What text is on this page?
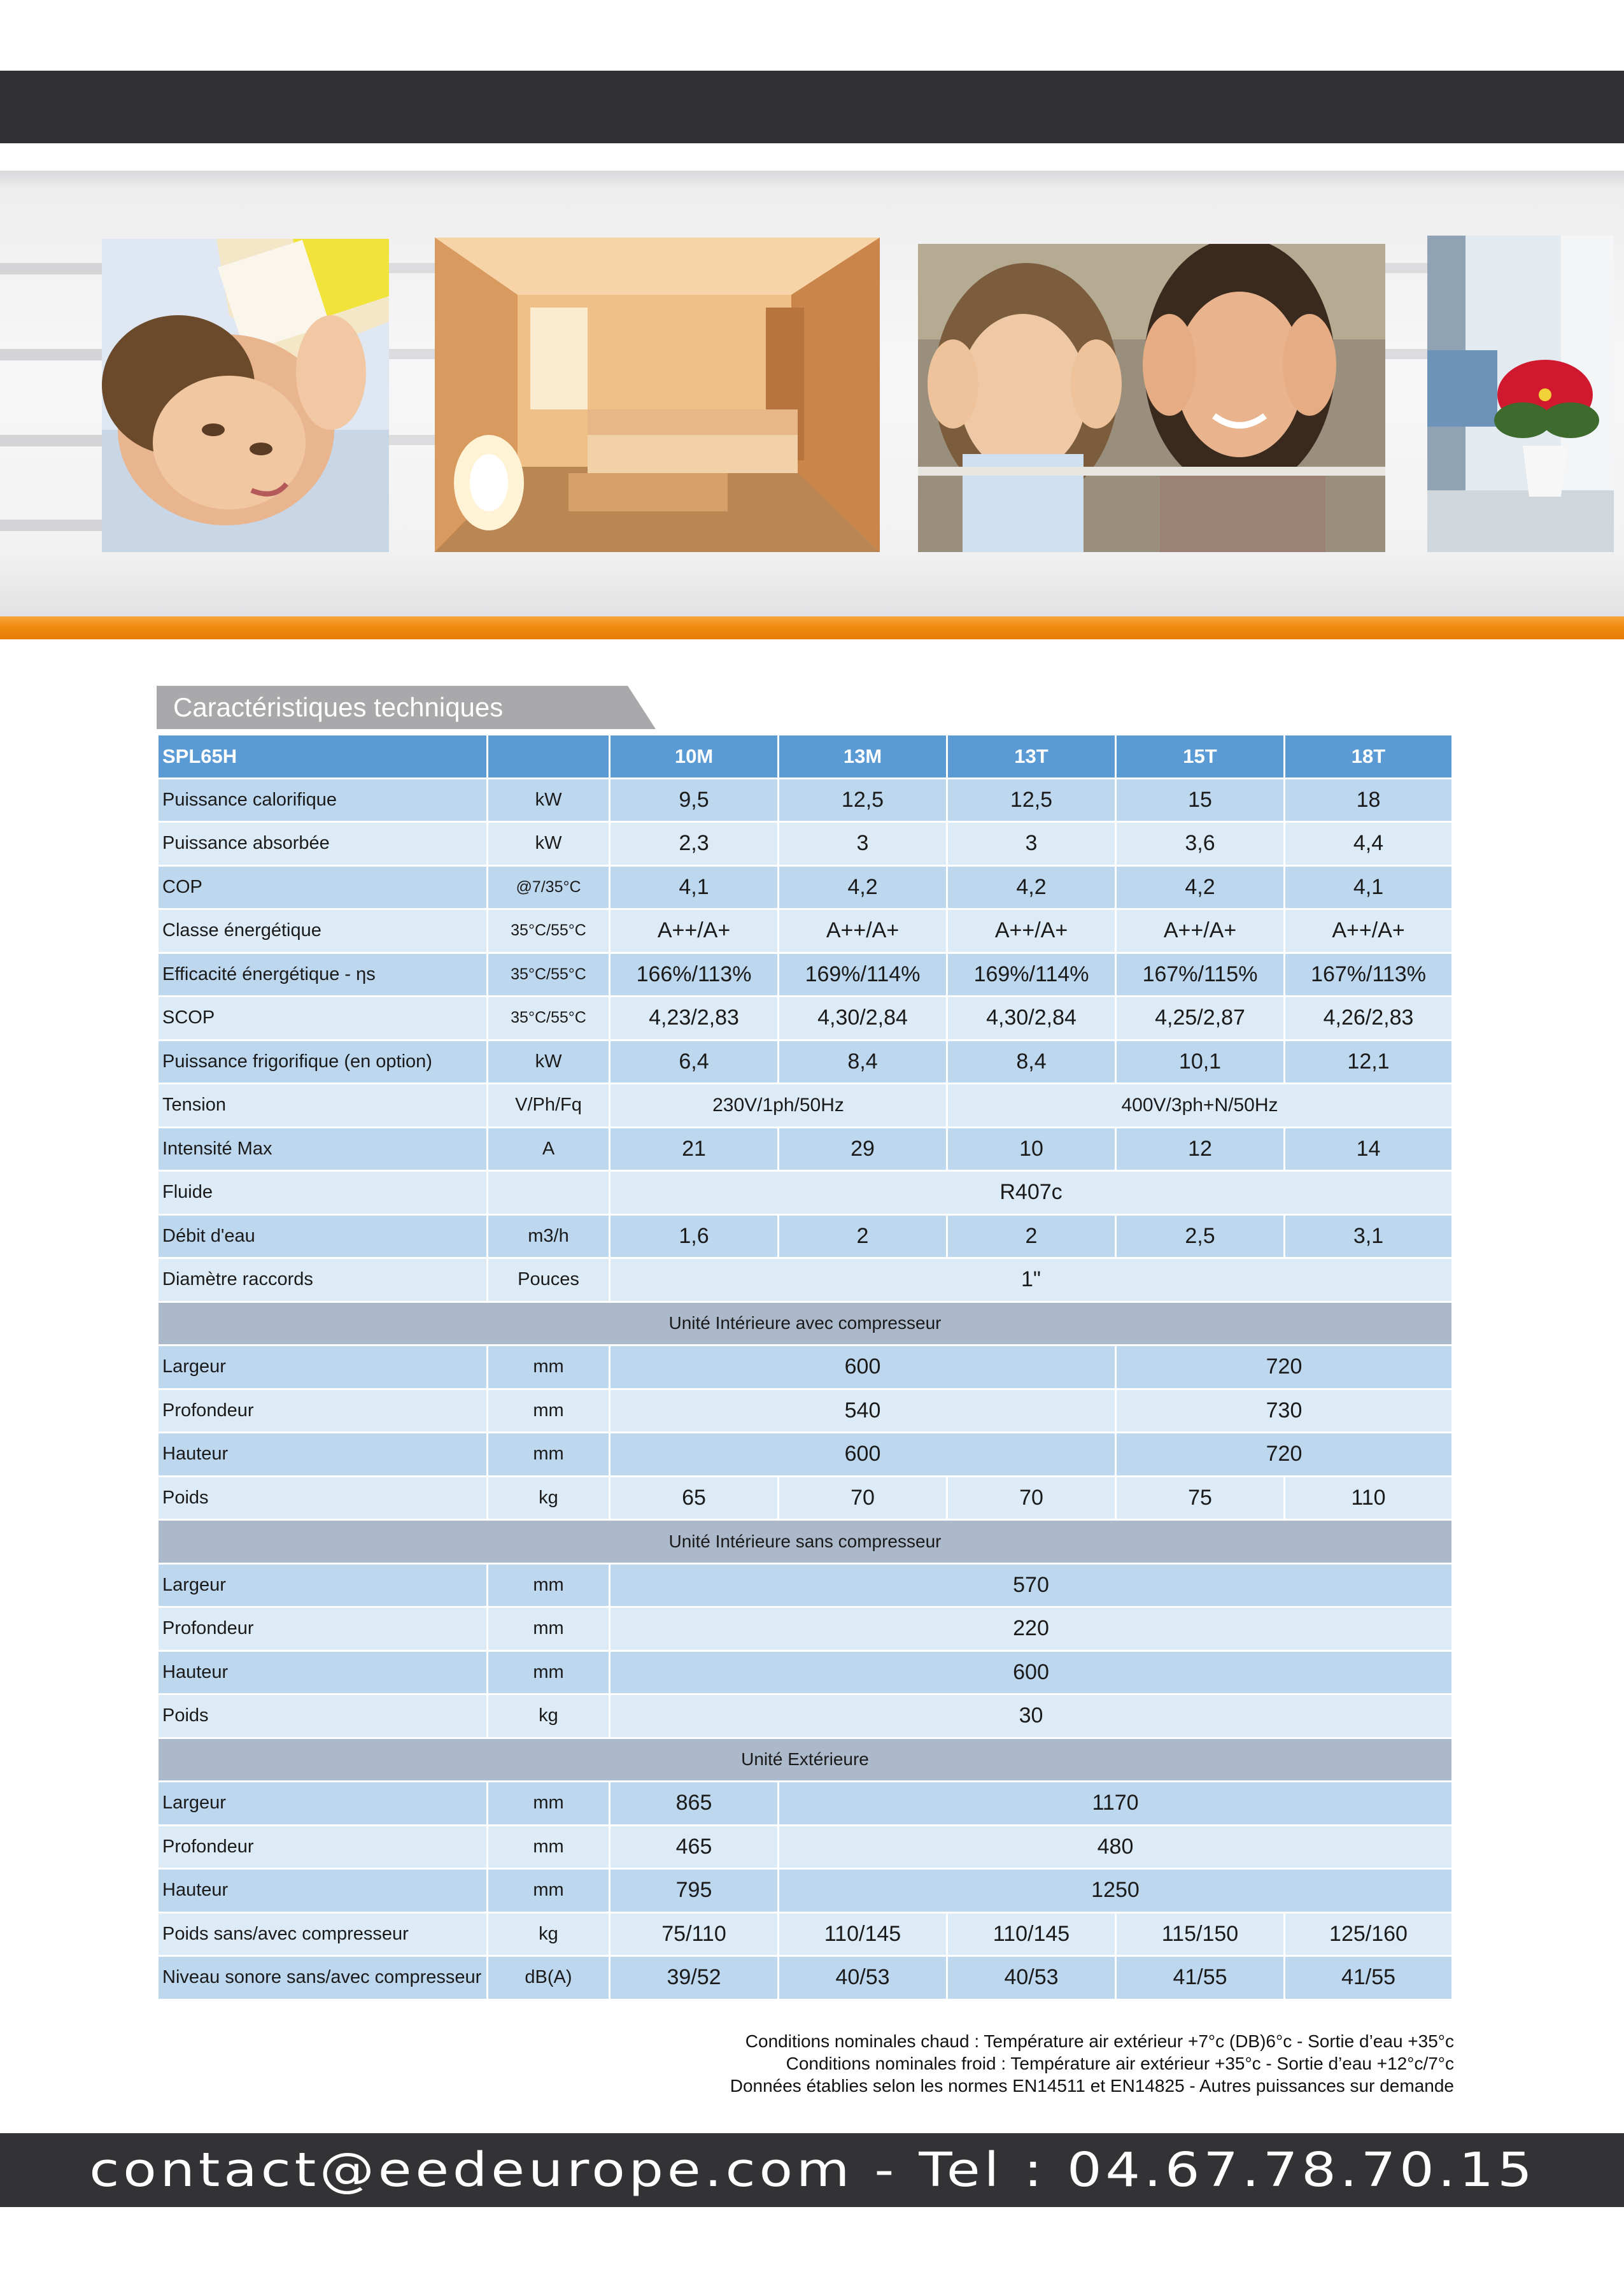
Caractéristiques techniques
SPL65H		10M	13M	13T	15T	18T
Puissance calorifique	kW	9,5	12,5	12,5	15	18
Puissance absorbée	kW	2,3	3	3	3,6	4,4
COP	@7/35°C	4,1	4,2	4,2	4,2	4,1
Classe énergétique	35°C/55°C	A++/A+	A++/A+	A++/A+	A++/A+	A++/A+
Efficacité énergétique - ηs	35°C/55°C	166%/113%	169%/114%	169%/114%	167%/115%	167%/113%
SCOP	35°C/55°C	4,23/2,83	4,30/2,84	4,30/2,84	4,25/2,87	4,26/2,83
Puissance frigorifique (en option)	kW	6,4	8,4	8,4	10,1	12,1
Tension	V/Ph/Fq	230V/1ph/50Hz		400V/3ph+N/50Hz		
Intensité Max	A	21	29	10	12	14
Fluide		R407c				
Débit d'eau	m3/h	1,6	2	2	2,5	3,1
Diamètre raccords	Pouces	1"				
Unité Intérieure avec compresseur						
Largeur	mm	600			720	
Profondeur	mm	540			730	
Hauteur	mm	600			720	
Poids	kg	65	70	70	75	110
Unité Intérieure sans compresseur						
Largeur	mm	570				
Profondeur	mm	220				
Hauteur	mm	600				
Poids	kg	30				
Unité Extérieure						
Largeur	mm	865	1170			
Profondeur	mm	465	480			
Hauteur	mm	795	1250			
Poids sans/avec compresseur	kg	75/110	110/145	110/145	115/150	125/160
Niveau sonore sans/avec compresseur	dB(A)	39/52	40/53	40/53	41/55	41/55
Conditions nominales chaud : Température air extérieur +7°c (DB)6°c - Sortie d’eau +35°c
Conditions nominales froid : Température air extérieur +35°c - Sortie d’eau +12°c/7°c
Données établies selon les normes EN14511 et EN14825 - Autres puissances sur demande
contact@eedeurope.com - Tel : 04.67.78.70.15
